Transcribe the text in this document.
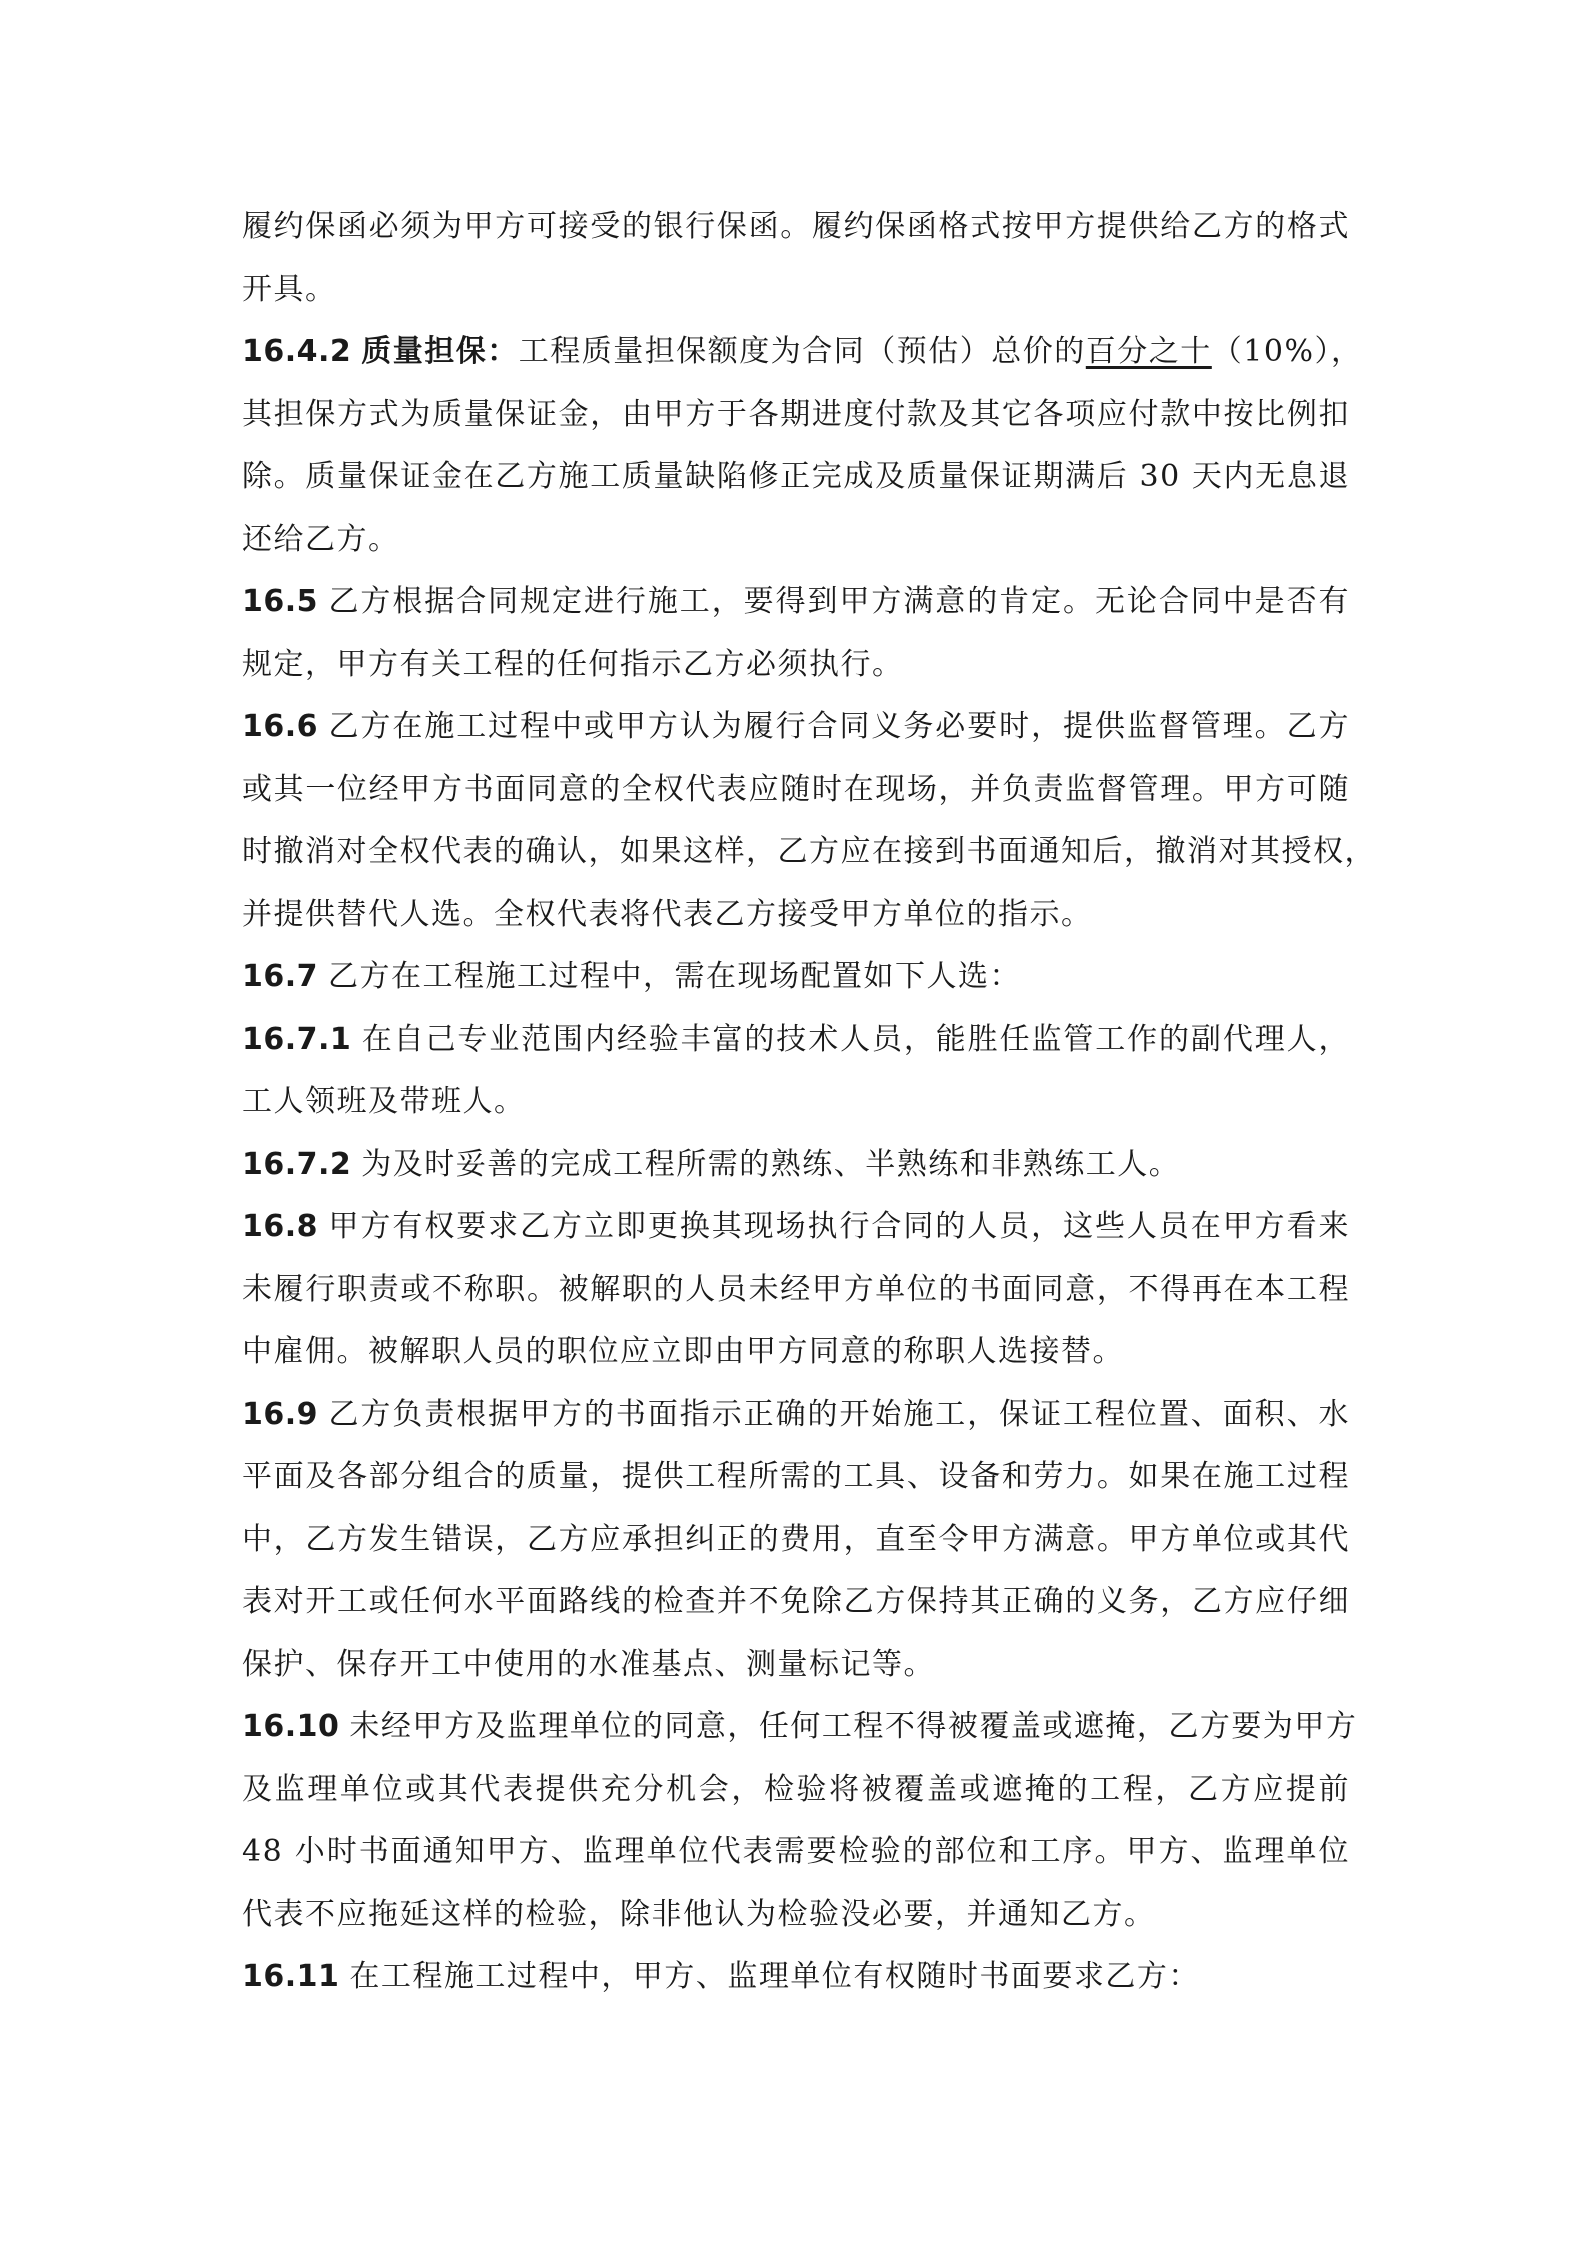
履约保函必须为甲方可接受的银行保函。履约保函格式按甲方提供给乙方的格式
开具。
16.4.2 质量担保：工程质量担保额度为合同（预估）总价的百分之十（10%），
其担保方式为质量保证金，由甲方于各期进度付款及其它各项应付款中按比例扣
除。质量保证金在乙方施工质量缺陷修正完成及质量保证期满后 30 天内无息退
还给乙方。
16.5 乙方根据合同规定进行施工，要得到甲方满意的肯定。无论合同中是否有
规定，甲方有关工程的任何指示乙方必须执行。
16.6 乙方在施工过程中或甲方认为履行合同义务必要时，提供监督管理。乙方
或其一位经甲方书面同意的全权代表应随时在现场，并负责监督管理。甲方可随
时撤消对全权代表的确认，如果这样，乙方应在接到书面通知后，撤消对其授权，
并提供替代人选。全权代表将代表乙方接受甲方单位的指示。
16.7 乙方在工程施工过程中，需在现场配置如下人选：
16.7.1 在自己专业范围内经验丰富的技术人员，能胜任监管工作的副代理人，
工人领班及带班人。
16.7.2 为及时妥善的完成工程所需的熟练、半熟练和非熟练工人。
16.8 甲方有权要求乙方立即更换其现场执行合同的人员，这些人员在甲方看来
未履行职责或不称职。被解职的人员未经甲方单位的书面同意，不得再在本工程
中雇佣。被解职人员的职位应立即由甲方同意的称职人选接替。
16.9 乙方负责根据甲方的书面指示正确的开始施工，保证工程位置、面积、水
平面及各部分组合的质量，提供工程所需的工具、设备和劳力。如果在施工过程
中，乙方发生错误，乙方应承担纠正的费用，直至令甲方满意。甲方单位或其代
表对开工或任何水平面路线的检查并不免除乙方保持其正确的义务，乙方应仔细
保护、保存开工中使用的水准基点、测量标记等。
16.10 未经甲方及监理单位的同意，任何工程不得被覆盖或遮掩，乙方要为甲方
及监理单位或其代表提供充分机会，检验将被覆盖或遮掩的工程，乙方应提前
48 小时书面通知甲方、监理单位代表需要检验的部位和工序。甲方、监理单位
代表不应拖延这样的检验，除非他认为检验没必要，并通知乙方。
16.11 在工程施工过程中，甲方、监理单位有权随时书面要求乙方：
